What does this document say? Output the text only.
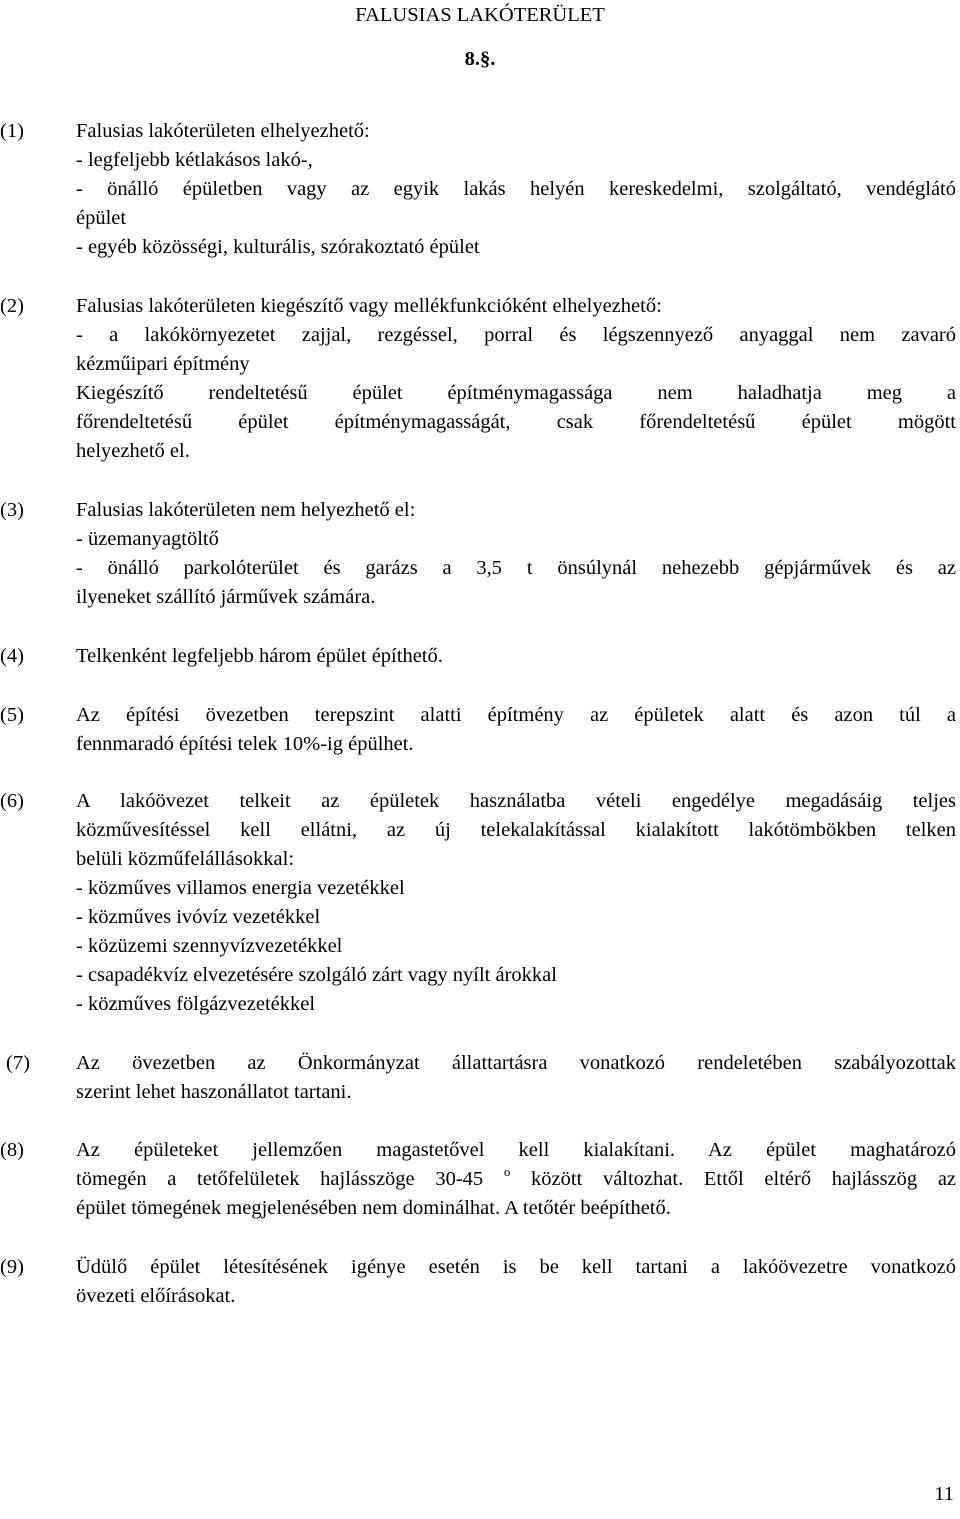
FALUSIAS LAKÓTERÜLET
8.§.
(1)	Falusias lakóterületen elhelyezhető:
- legfeljebb kétlakásos lakó-,
- önálló épületben vagy az egyik lakás helyén kereskedelmi, szolgáltató, vendéglátó
épület
- egyéb közösségi, kulturális, szórakoztató épület
(2)	Falusias lakóterületen kiegészítő vagy mellékfunkcióként elhelyezhető:
- a lakókörnyezetet zajjal, rezgéssel, porral és légszennyező anyaggal nem zavaró
kézműipari építmény
Kiegészítő rendeltetésű épület építménymagassága nem haladhatja meg a
főrendeltetésű épület építménymagasságát, csak főrendeltetésű épület mögött
helyezhető el.
(3)	Falusias lakóterületen nem helyezhető el:
- üzemanyagtöltő
- önálló parkolóterület és garázs a 3,5 t önsúlynál nehezebb gépjárművek és az
ilyeneket szállító járművek számára.
(4)	Telkenként legfeljebb három épület építhető.
(5)	Az építési övezetben terepszint alatti építmény az épületek alatt és azon túl a
fennmaradó építési telek 10%-ig épülhet.
(6)	A lakóövezet telkeit az épületek használatba vételi engedélye megadásáig teljes
közművesítéssel kell ellátni, az új telekalakítással kialakított lakótömbökben telken
belüli közműfelállásokkal:
- közműves villamos energia vezetékkel
- közműves ivóvíz vezetékkel
- közüzemi szennyvízvezetékkel
- csapadékvíz elvezetésére szolgáló zárt vagy nyílt árokkal
- közműves fölgázvezetékkel
(7) Az övezetben az Önkormányzat állattartásra vonatkozó rendeletében szabályozottak
szerint lehet haszonállatot tartani.
(8)	Az épületeket jellemzően magastetővel kell kialakítani. Az épület maghatározó
tömegén a tetőfelületek hajlásszöge 30-45 $^o$ között változhat. Ettől eltérő hajlásszög az
épület tömegének megjelenésében nem dominálhat. A tetőtér beépíthető.
(9)	Üdülő épület létesítésének igénye esetén is be kell tartani a lakóövezetre vonatkozó
övezeti előírásokat.
11
